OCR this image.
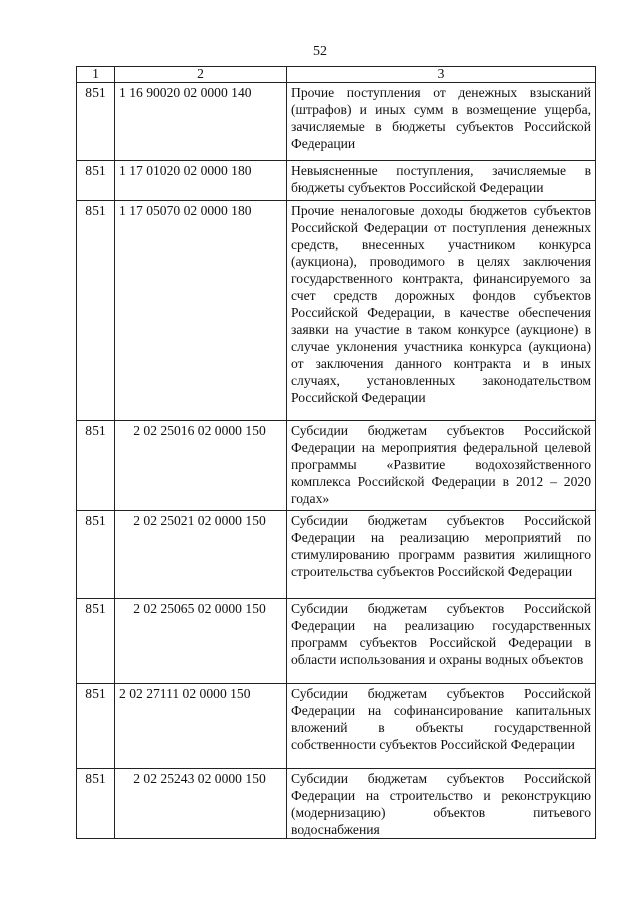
52
1	2	3
851	1 16 90020 02 0000 140	Прочие поступления от денежных взысканий (штрафов) и иных сумм в возмещение ущерба, зачисляемые в бюджеты субъектов Российской Федерации
851	1 17 01020 02 0000 180	Невыясненные поступления, зачисляемые в бюджеты субъектов Российской Федерации
851	1 17 05070 02 0000 180	Прочие неналоговые доходы бюджетов субъектов Российской Федерации от поступления денежных средств, внесенных участником конкурса (аукциона), проводимого в целях заключения государственного контракта, финансируемого за счет средств дорожных фондов субъектов Российской Федерации, в качестве обеспечения заявки на участие в таком конкурсе (аукционе) в случае уклонения участника конкурса (аукциона) от заключения данного контракта и в иных случаях, установленных законодательством Российской Федерации
851	2 02 25016 02 0000 150	Субсидии бюджетам субъектов Российской Федерации на мероприятия федеральной целевой программы «Развитие водохозяйственного комплекса Российской Федерации в 2012 – 2020 годах»
851	2 02 25021 02 0000 150	Субсидии бюджетам субъектов Российской Федерации на реализацию мероприятий по стимулированию программ развития жилищного строительства субъектов Российской Федерации
851	2 02 25065 02 0000 150	Субсидии бюджетам субъектов Российской Федерации на реализацию государственных программ субъектов Российской Федерации в области использования и охраны водных объектов
851	2 02 27111 02 0000 150	Субсидии бюджетам субъектов Российской Федерации на софинансирование капитальных вложений в объекты государственной собственности субъектов Российской Федерации
851	2 02 25243 02 0000 150	Субсидии бюджетам субъектов Российской Федерации на строительство и реконструкцию (модернизацию) объектов питьевого водоснабжения
